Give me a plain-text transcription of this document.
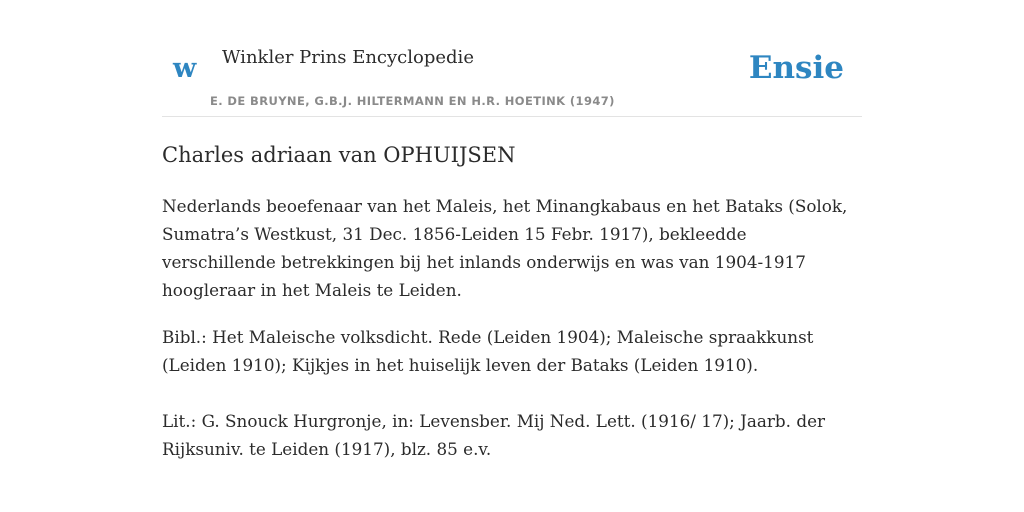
w Winkler Prins Encyclopedie
E. DE BRUYNE, G.B.J. HILTERMANN EN H.R. HOETINK (1947)
Ensie
Charles adriaan van OPHUIJSEN

Nederlands beoefenaar van het Maleis, het Minangkabaus en het Bataks (Solok, Sumatra’s Westkust, 31 Dec. 1856-Leiden 15 Febr. 1917), bekleedde verschillende betrekkingen bij het inlands onderwijs en was van 1904-1917 hoogleraar in het Maleis te Leiden.

Bibl.: Het Maleische volksdicht. Rede (Leiden 1904); Maleische spraakkunst (Leiden 1910); Kijkjes in het huiselijk leven der Bataks (Leiden 1910).

Lit.: G. Snouck Hurgronje, in: Levensber. Mij Ned. Lett. (1916/ 17); Jaarb. der Rijksuniv. te Leiden (1917), blz. 85 e.v.
